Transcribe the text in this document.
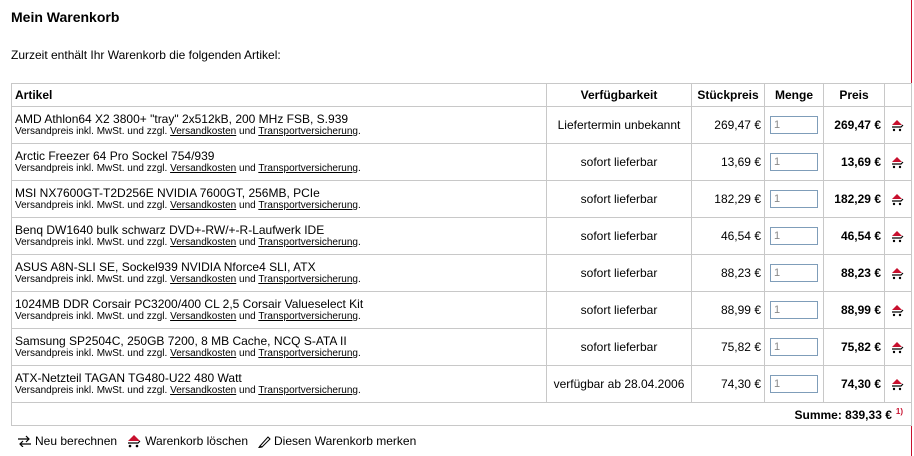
Mein Warenkorb
Zurzeit enthält Ihr Warenkorb die folgenden Artikel:
Artikel	Verfügbarkeit	Stückpreis	Menge	Preis	

AMD Athlon64 X2 3800+ "tray" 2x512kB, 200 MHz FSB, S.939
Versandpreis inkl. MwSt. und zzgl. Versandkosten und Transportversicherung.	Liefertermin unbekannt	269,47 €	1	269,47 €	

Arctic Freezer 64 Pro Sockel 754/939
Versandpreis inkl. MwSt. und zzgl. Versandkosten und Transportversicherung.	sofort lieferbar	13,69 €	1	13,69 €	

MSI NX7600GT-T2D256E NVIDIA 7600GT, 256MB, PCIe
Versandpreis inkl. MwSt. und zzgl. Versandkosten und Transportversicherung.	sofort lieferbar	182,29 €	1	182,29 €	

Benq DW1640 bulk schwarz DVD+-RW/+-R-Laufwerk IDE
Versandpreis inkl. MwSt. und zzgl. Versandkosten und Transportversicherung.	sofort lieferbar	46,54 €	1	46,54 €	

ASUS A8N-SLI SE, Sockel939 NVIDIA Nforce4 SLI, ATX
Versandpreis inkl. MwSt. und zzgl. Versandkosten und Transportversicherung.	sofort lieferbar	88,23 €	1	88,23 €	

1024MB DDR Corsair PC3200/400 CL 2,5 Corsair Valueselect Kit
Versandpreis inkl. MwSt. und zzgl. Versandkosten und Transportversicherung.	sofort lieferbar	88,99 €	1	88,99 €	

Samsung SP2504C, 250GB 7200, 8 MB Cache, NCQ S-ATA II
Versandpreis inkl. MwSt. und zzgl. Versandkosten und Transportversicherung.	sofort lieferbar	75,82 €	1	75,82 €	

ATX-Netzteil TAGAN TG480-U22 480 Watt
Versandpreis inkl. MwSt. und zzgl. Versandkosten und Transportversicherung.	verfügbar ab 28.04.2006	74,30 €	1	74,30 €	
Summe: 839,33 € $^{1)}$
Neu berechnen Warenkorb löschen Diesen Warenkorb merken
